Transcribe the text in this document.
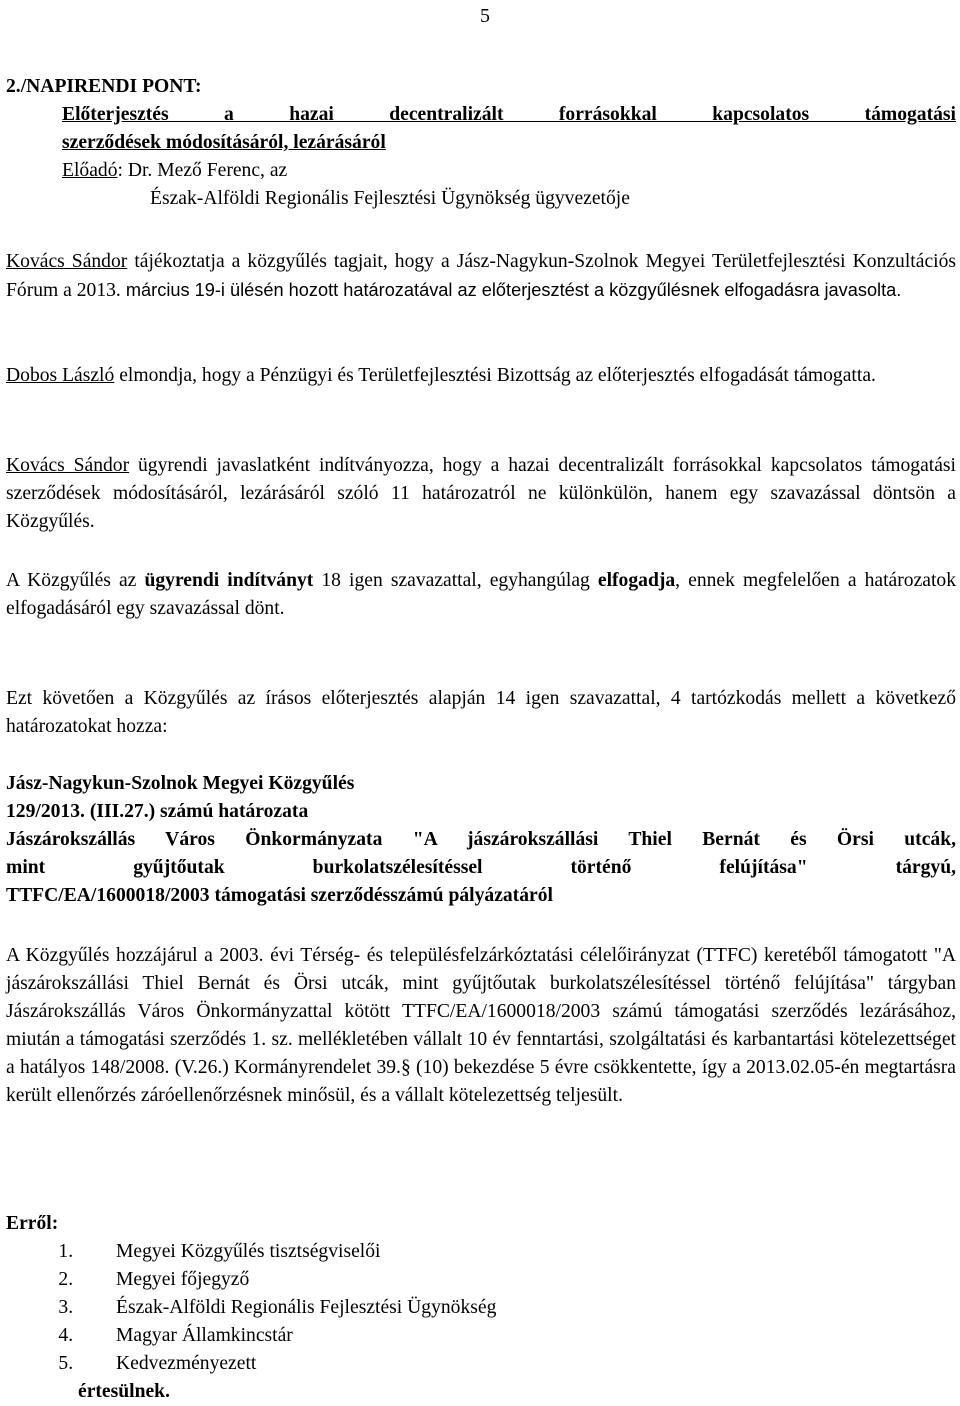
5
2./NAPIRENDI PONT:
Előterjesztés a hazai decentralizált forrásokkal kapcsolatos támogatási
szerződések módosításáról, lezárásáról
Előadó: Dr. Mező Ferenc, az
Észak-Alföldi Regionális Fejlesztési Ügynökség ügyvezetője
Kovács Sándor tájékoztatja a közgyűlés tagjait, hogy a Jász-Nagykun-Szolnok Megyei Területfejlesztési Konzultációs Fórum a 2013. március 19-i ülésén hozott határozatával az előterjesztést a közgyűlésnek elfogadásra javasolta.
Dobos László elmondja, hogy a Pénzügyi és Területfejlesztési Bizottság az előterjesztés elfogadását támogatta.
Kovács Sándor ügyrendi javaslatként indítványozza, hogy a hazai decentralizált forrásokkal kapcsolatos támogatási szerződések módosításáról, lezárásáról szóló 11 határozatról ne különkülön, hanem egy szavazással döntsön a Közgyűlés.
A Közgyűlés az ügyrendi indítványt 18 igen szavazattal, egyhangúlag elfogadja, ennek megfelelően a határozatok elfogadásáról egy szavazással dönt.
Ezt követően a Közgyűlés az írásos előterjesztés alapján 14 igen szavazattal, 4 tartózkodás mellett a következő határozatokat hozza:
Jász-Nagykun-Szolnok Megyei Közgyűlés
129/2013. (III.27.) számú határozata
Jászárokszállás Város Önkormányzata "A jászárokszállási Thiel Bernát és Örsi utcák,
mint gyűjtőutak burkolatszélesítéssel történő felújítása" tárgyú,
TTFC/EA/1600018/2003 támogatási szerződésszámú pályázatáról
A Közgyűlés hozzájárul a 2003. évi Térség- és településfelzárkóztatási célelőirányzat (TTFC) keretéből támogatott "A jászárokszállási Thiel Bernát és Örsi utcák, mint gyűjtőutak burkolatszélesítéssel történő felújítása" tárgyban Jászárokszállás Város Önkormányzattal kötött TTFC/EA/1600018/2003 számú támogatási szerződés lezárásához, miután a támogatási szerződés 1. sz. mellékletében vállalt 10 év fenntartási, szolgáltatási és karbantartási kötelezettséget a hatályos 148/2008. (V.26.) Kormányrendelet 39.§ (10) bekezdése 5 évre csökkentette, így a 2013.02.05-én megtartásra került ellenőrzés záróellenőrzésnek minősül, és a vállalt kötelezettség teljesült.
Erről:
1. Megyei Közgyűlés tisztségviselői
2. Megyei főjegyző
3. Észak-Alföldi Regionális Fejlesztési Ügynökség
4. Magyar Államkincstár
5. Kedvezményezett
értesülnek.
